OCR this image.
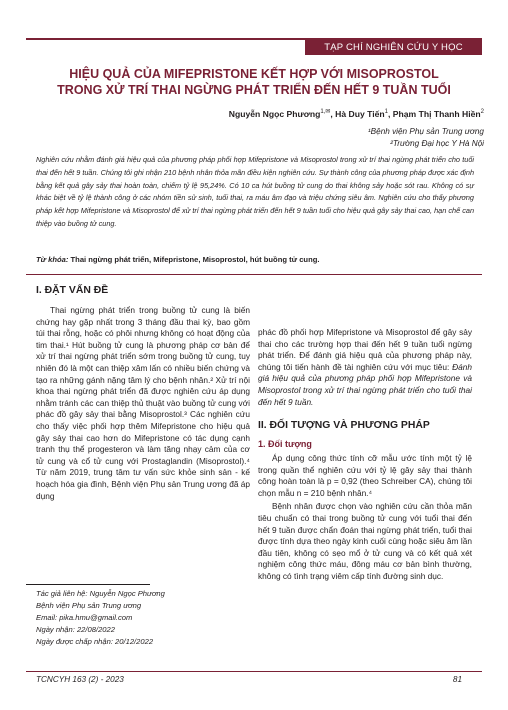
TẠP CHÍ NGHIÊN CỨU Y HỌC
HIỆU QUẢ CỦA MIFEPRISTONE KẾT HỢP VỚI MISOPROSTOL
TRONG XỬ TRÍ THAI NGỪNG PHÁT TRIỂN ĐẾN HẾT 9 TUẦN TUỔI
Nguyễn Ngọc Phương$^{1,✉}$, Hà Duy Tiến$^1$, Phạm Thị Thanh Hiền$^2$
¹Bệnh viện Phụ sản Trung ương
²Trường Đại học Y Hà Nội
Nghiên cứu nhằm đánh giá hiệu quả của phương pháp phối hợp Mifepristone và Misoprostol trong xử trí thai ngừng phát triển cho tuổi thai đến hết 9 tuần. Chúng tôi ghi nhận 210 bệnh nhân thỏa mãn điều kiện nghiên cứu. Sự thành công của phương pháp được xác định bằng kết quả gây sảy thai hoàn toàn, chiếm tỷ lệ 95,24%. Có 10 ca hút buồng tử cung do thai không sảy hoặc sót rau. Không có sự khác biệt về tỷ lệ thành công ở các nhóm tiền sử sinh, tuổi thai, ra máu âm đạo và triệu chứng siêu âm. Nghiên cứu cho thấy phương pháp kết hợp Mifepristone và Misoprostol để xử trí thai ngừng phát triển đến hết 9 tuần tuổi cho hiệu quả gây sảy thai cao, hạn chế can thiệp vào buồng tử cung.
Từ khóa: Thai ngừng phát triển, Mifepristone, Misoprostol, hút buồng tử cung.
I. ĐẶT VẤN ĐỀ

Thai ngừng phát triển trong buồng tử cung là biến chứng hay gặp nhất trong 3 tháng đầu thai kỳ, bao gồm túi thai rỗng, hoặc có phôi nhưng không có hoạt động của tim thai.¹ Hút buồng tử cung là phương pháp cơ bản để xử trí thai ngừng phát triển sớm trong buồng tử cung, tuy nhiên đó là một can thiệp xâm lấn có nhiều biến chứng và tạo ra những gánh nặng tâm lý cho bệnh nhân.² Xử trí nội khoa thai ngừng phát triển đã được nghiên cứu áp dụng nhằm tránh các can thiệp thủ thuật vào buồng tử cung với phác đồ gây sảy thai bằng Misoprostol.³ Các nghiên cứu cho thấy việc phối hợp thêm Mifepristone cho hiệu quả gây sảy thai cao hơn do Mifepristone có tác dụng cạnh tranh thụ thể progesteron và làm tăng nhạy cảm của cơ tử cung và cổ tử cung với Prostaglandin (Misoprostol).⁴ Từ năm 2019, trung tâm tư vấn sức khỏe sinh sản - kế hoạch hóa gia đình, Bệnh viện Phụ sản Trung ương đã áp dụng

phác đồ phối hợp Mifepristone và Misoprostol để gây sảy thai cho các trường hợp thai đến hết 9 tuần tuổi ngừng phát triển. Để đánh giá hiệu quả của phương pháp này, chúng tôi tiến hành đề tài nghiên cứu với mục tiêu: Đánh giá hiệu quả của phương pháp phối hợp Mifepristone và Misoprostol trong xử trí thai ngừng phát triển cho tuổi thai đến hết 9 tuần.

II. ĐỐI TƯỢNG VÀ PHƯƠNG PHÁP
1. Đối tượng

Áp dụng công thức tính cỡ mẫu ước tính một tỷ lệ trong quần thể nghiên cứu với tỷ lệ gây sảy thai thành công hoàn toàn là p = 0,92 (theo Schreiber CA), chúng tôi chọn mẫu n = 210 bệnh nhân.⁴

Bệnh nhân được chọn vào nghiên cứu cần thỏa mãn tiêu chuẩn có thai trong buồng tử cung với tuổi thai đến hết 9 tuần được chẩn đoán thai ngừng phát triển, tuổi thai được tính dựa theo ngày kinh cuối cùng hoặc siêu âm lần đầu tiên, không có sẹo mổ ở tử cung và có kết quả xét nghiệm công thức máu, đông máu cơ bản bình thường, không có tình trạng viêm cấp tính đường sinh dục.

Tác giả liên hệ: Nguyễn Ngọc Phương
Bệnh viện Phụ sản Trung ương
Email: pika.hmu@gmail.com
Ngày nhận: 22/08/2022
Ngày được chấp nhận: 20/12/2022
TCNCYH 163 (2) - 2023	81
